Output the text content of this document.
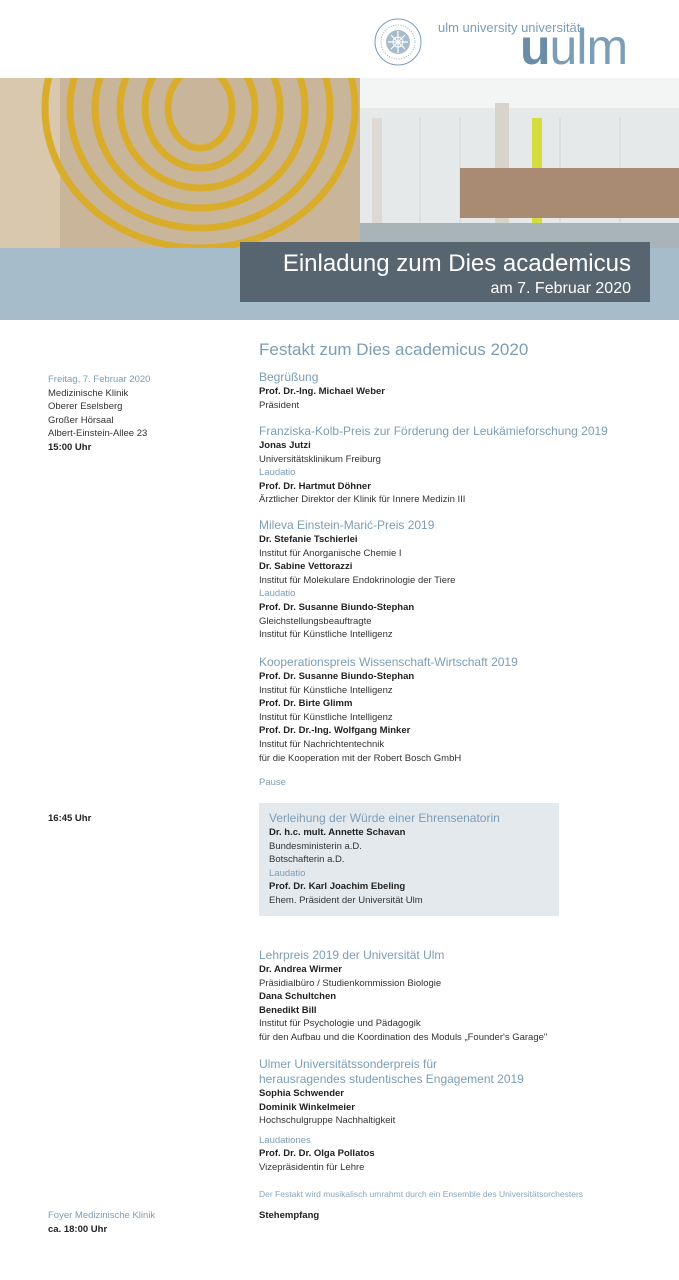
ulm university universität
uulm
Einladung zum Dies academicus
am 7. Februar 2020
Festakt zum Dies academicus 2020
Freitag, 7. Februar 2020
Medizinische Klinik
Oberer Eselsberg
Großer Hörsaal
Albert-Einstein-Allee 23
15:00 Uhr
16:45 Uhr
Foyer Medizinische Klinik
ca. 18:00 Uhr
Begrüßung
Prof. Dr.-Ing. Michael Weber
Präsident
Franziska-Kolb-Preis zur Förderung der Leukämieforschung 2019
Jonas Jutzi
Universitätsklinikum Freiburg
Laudatio
Prof. Dr. Hartmut Döhner
Ärztlicher Direktor der Klinik für Innere Medizin III
Mileva Einstein-Marić-Preis 2019
Dr. Stefanie Tschierlei
Institut für Anorganische Chemie I
Dr. Sabine Vettorazzi
Institut für Molekulare Endokrinologie der Tiere
Laudatio
Prof. Dr. Susanne Biundo-Stephan
Gleichstellungsbeauftragte
Institut für Künstliche Intelligenz
Kooperationspreis Wissenschaft-Wirtschaft 2019
Prof. Dr. Susanne Biundo-Stephan
Institut für Künstliche Intelligenz
Prof. Dr. Birte Glimm
Institut für Künstliche Intelligenz
Prof. Dr. Dr.-Ing. Wolfgang Minker
Institut für Nachrichtentechnik
für die Kooperation mit der Robert Bosch GmbH
Pause
Verleihung der Würde einer Ehrensenatorin
Dr. h.c. mult. Annette Schavan
Bundesministerin a.D.
Botschafterin a.D.
Laudatio
Prof. Dr. Karl Joachim Ebeling
Ehem. Präsident der Universität Ulm
Lehrpreis 2019 der Universität Ulm
Dr. Andrea Wirmer
Präsidialbüro / Studienkommission Biologie
Dana Schultchen
Benedikt Bill
Institut für Psychologie und Pädagogik
für den Aufbau und die Koordination des Moduls „Founder's Garage"
Ulmer Universitätssonderpreis für
herausragendes studentisches Engagement 2019
Sophia Schwender
Dominik Winkelmeier
Hochschulgruppe Nachhaltigkeit
Laudationes
Prof. Dr. Dr. Olga Pollatos
Vizepräsidentin für Lehre
Der Festakt wird musikalisch umrahmt durch ein Ensemble des Universitätsorchesters
Stehempfang
